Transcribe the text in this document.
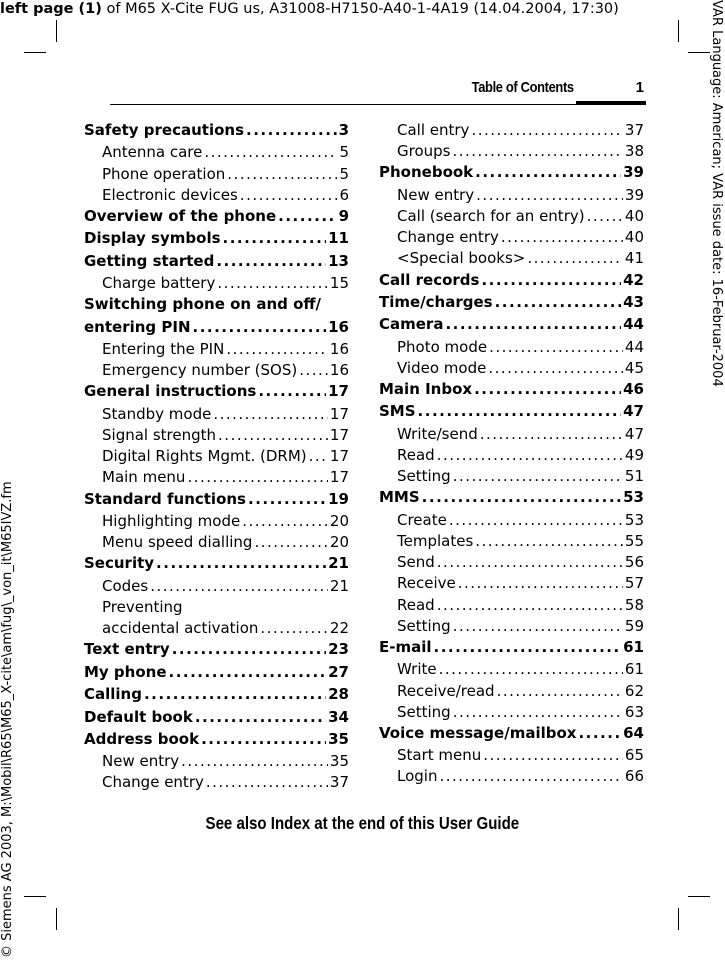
left page (1) of M65 X-Cite FUG us, A31008-H7150-A40-1-4A19 (14.04.2004, 17:30)	VAR Language: American; VAR issue date: 16-Februar-2004
© Siemens AG 2003, M:\Mobil\R65\M65_X-cite\am\fug\_von_it\M65IVZ.fm
Table of Contents	1
Safety precautions .....	3
Antenna care .....	5
Phone operation .....	5
Electronic devices .....	6
Overview of the phone .....	9
Display symbols .....	11
Getting started .....	13
Charge battery .....	15
Switching phone on and off/
entering PIN .....	16
Entering the PIN .....	16
Emergency number (SOS) ..... 16
General instructions .....	17
Standby mode .....	17
Signal strength .....	17
Digital Rights Mgmt. (DRM) ..... 17
Main menu .....	17
Standard functions .....	19
Highlighting mode .....	20
Menu speed dialling .....	20
Security .....	21
Codes .....	21
Preventing
accidental activation .....	22
Text entry .....	23
My phone .....	27
Calling .....	28
Default book .....	34
Address book .....	35
New entry .....	35
Change entry .....	37
Call entry .....	37
Groups .....	38
Phonebook .....	39
New entry .....	39
Call (search for an entry) .....	40
Change entry .....	40
<Special books> .....	41
Call records .....	42
Time/charges .....	43
Camera .....	44
Photo mode .....	44
Video mode .....	45
Main Inbox .....	46
SMS .....	47
Write/send .....	47
Read .....	49
Setting .....	51
MMS .....	53
Create .....	53
Templates .....	55
Send .....	56
Receive .....	57
Read .....	58
Setting .....	59
E-mail .....	61
Write .....	61
Receive/read .....	62
Setting .....	63
Voice message/mailbox .....	64
Start menu .....	65
Login .....	66
See also Index at the end of this User Guide
